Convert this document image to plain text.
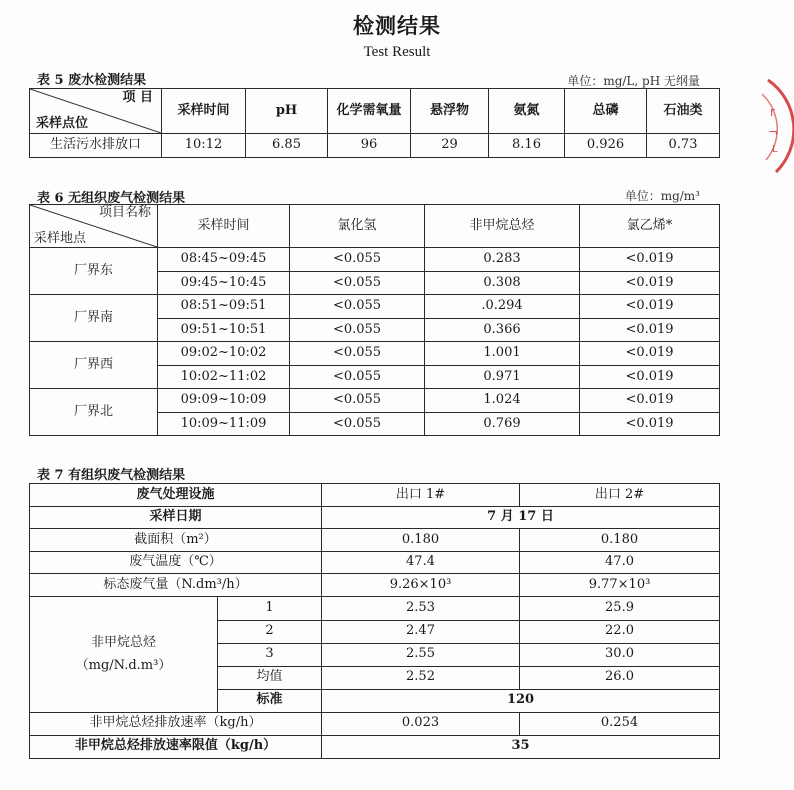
检测结果
Test Result
r
¬
L
表 5 废水检测结果	单位：mg/L, pH 无纲量
项 目
采样点位	采样时间	pH	化学需氧量	悬浮物	氨氮	总磷	石油类
生活污水排放口	10:12	6.85	96	29	8.16	0.926	0.73
表 6 无组织废气检测结果	单位：mg/m³
项目名称
采样地点	采样时间	氯化氢	非甲烷总烃	氯乙烯*
厂界东	08:45~09:45	<0.055	0.283	<0.019
	09:45~10:45	<0.055	0.308	<0.019
厂界南	08:51~09:51	<0.055	.0.294	<0.019
	09:51~10:51	<0.055	0.366	<0.019
厂界西	09:02~10:02	<0.055	1.001	<0.019
	10:02~11:02	<0.055	0.971	<0.019
厂界北	09:09~10:09	<0.055	1.024	<0.019
	10:09~11:09	<0.055	0.769	<0.019
表 7 有组织废气检测结果
废气处理设施		出口 1#	出口 2#
采样日期		7 月 17 日	
截面积（m²）		0.180	0.180
废气温度（℃）		47.4	47.0
标态废气量（N.dm³/h）		9.26×10³	9.77×10³

非甲烷总烃
（mg/N.d.m³）	1	2.53	25.9
	2	2.47	22.0
	3	2.55	30.0
	均值	2.52	26.0
	标准	120	
非甲烷总烃排放速率（kg/h）		0.023	0.254
非甲烷总烃排放速率限值（kg/h）		35	
